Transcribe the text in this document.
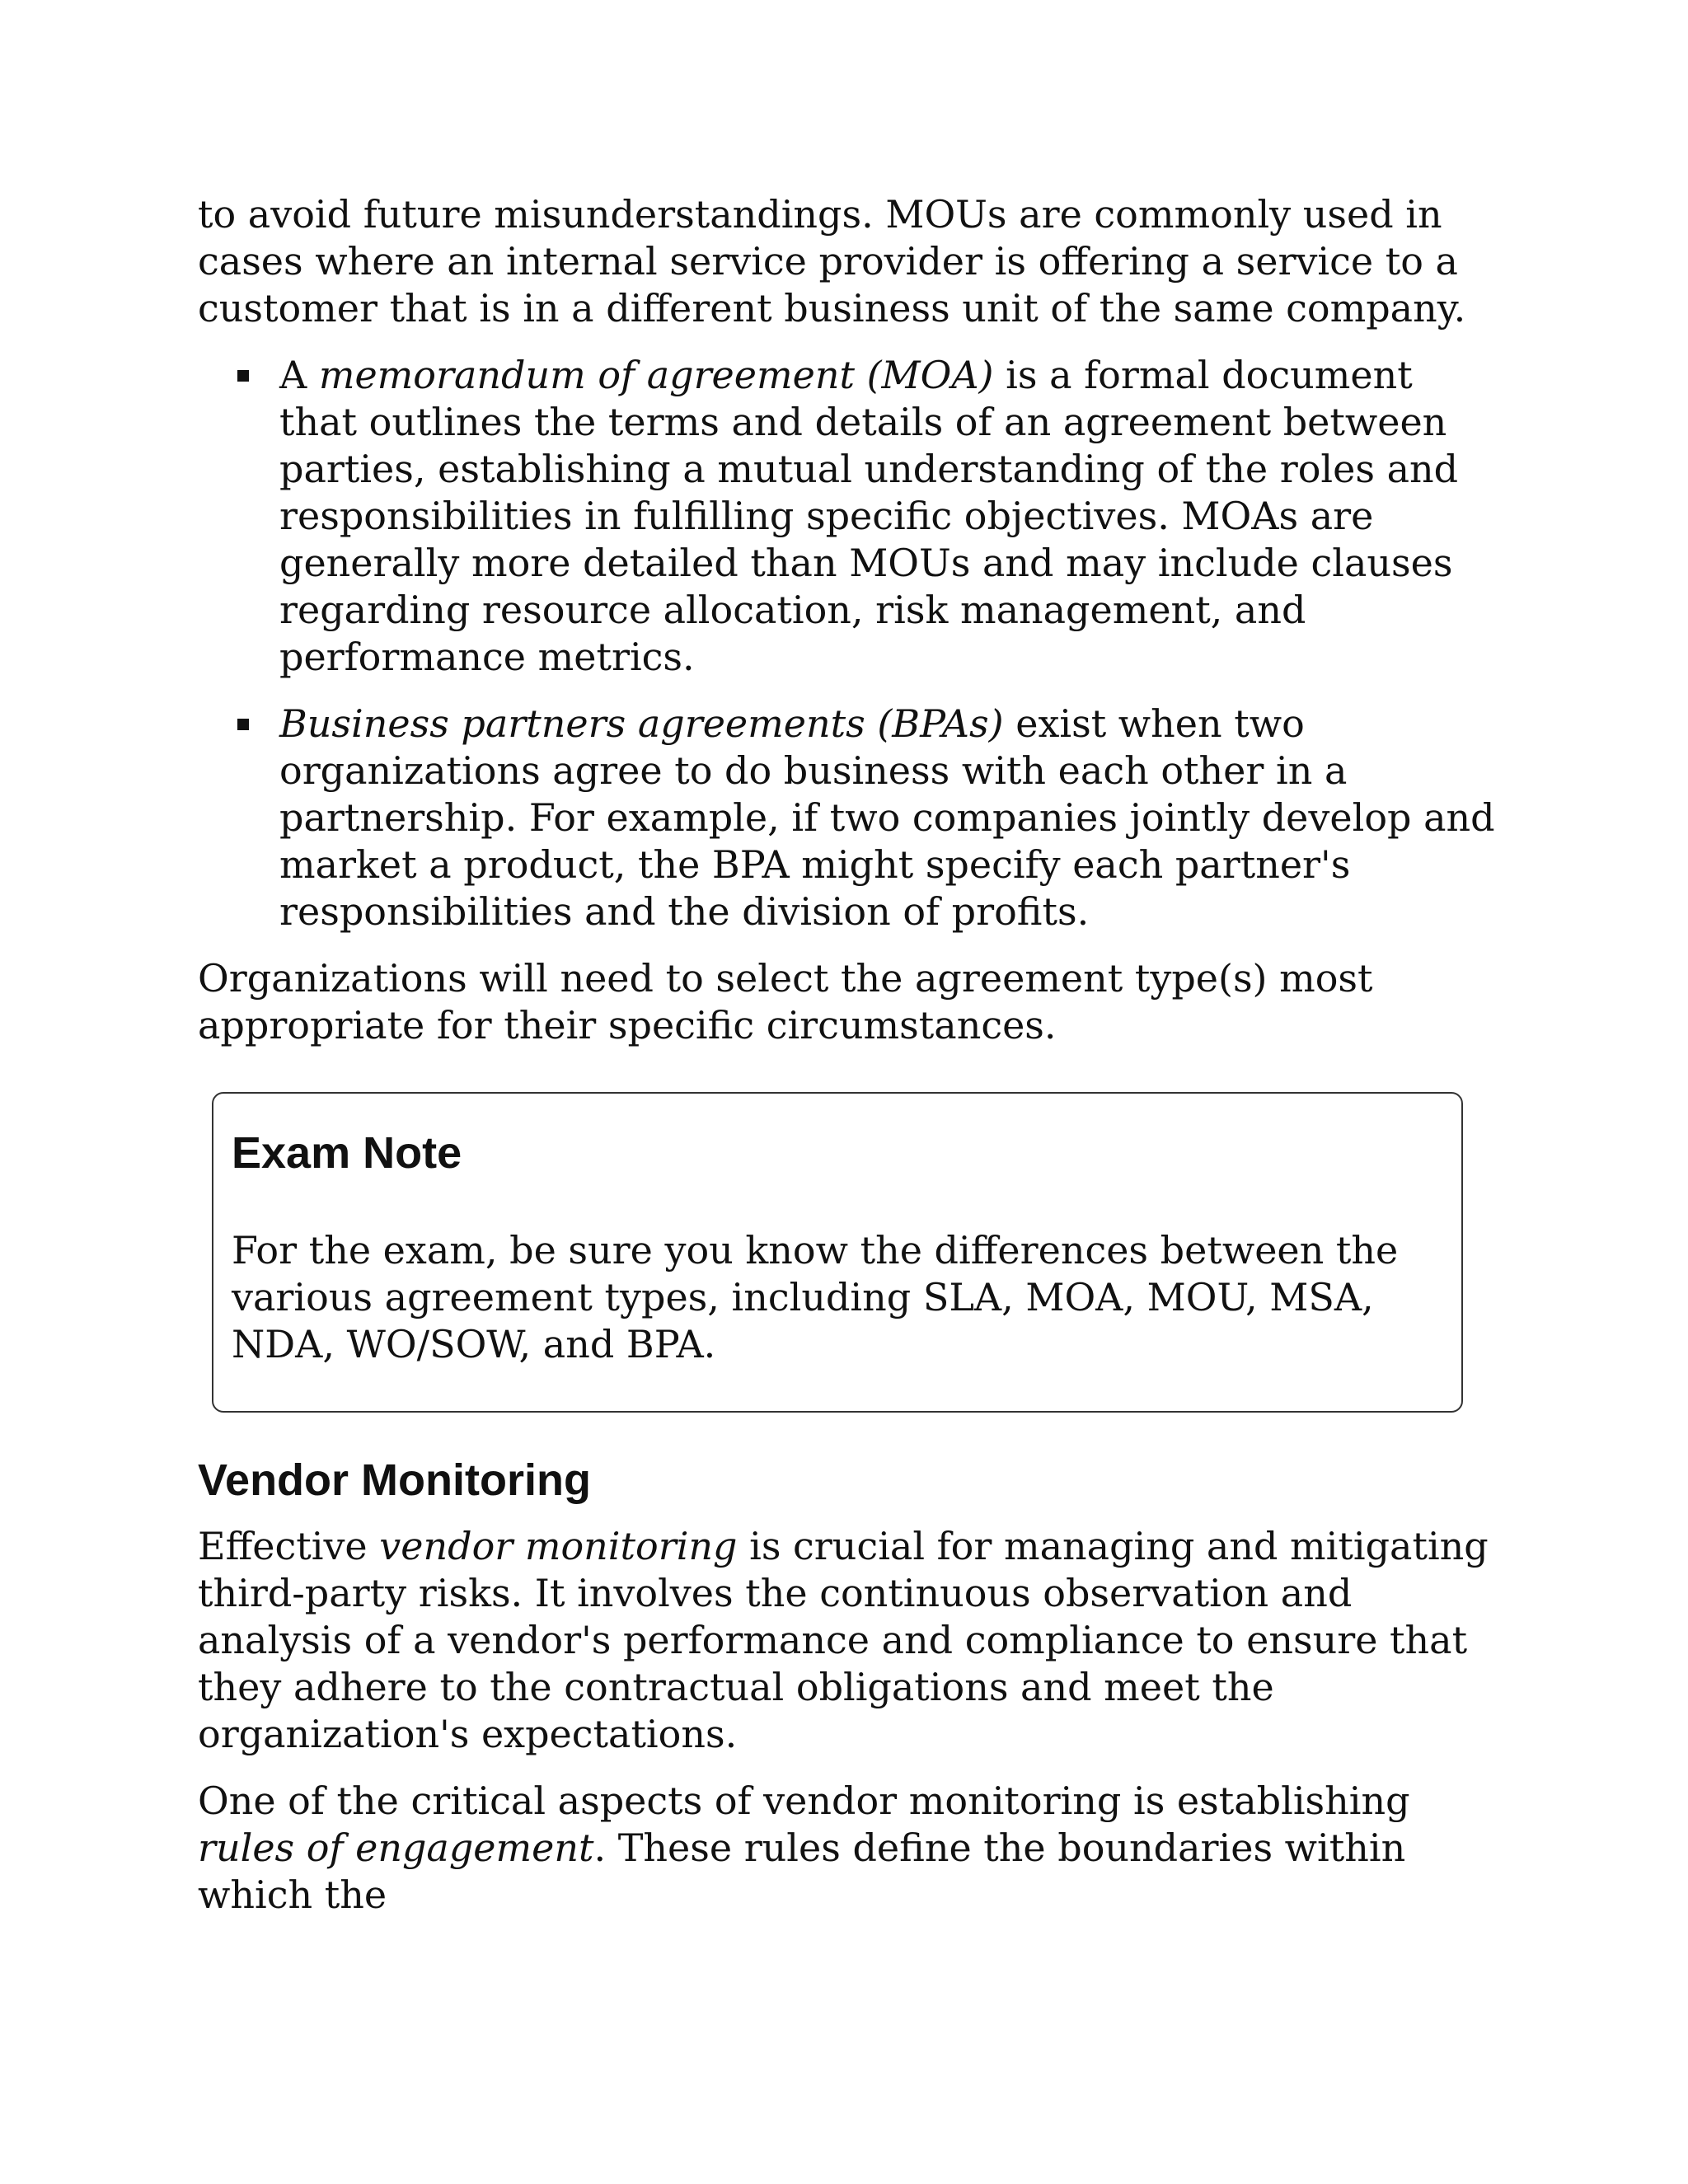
to avoid future misunderstandings. MOUs are commonly used in cases where an internal service provider is offering a service to a customer that is in a different business unit of the same company.

A memorandum of agreement (MOA) is a formal document that outlines the terms and details of an agreement between parties, establishing a mutual understanding of the roles and responsibilities in fulfilling specific objectives. MOAs are generally more detailed than MOUs and may include clauses regarding resource allocation, risk management, and performance metrics.
Business partners agreements (BPAs) exist when two organizations agree to do business with each other in a partnership. For example, if two companies jointly develop and market a product, the BPA might specify each partner's responsibilities and the division of profits.

Organizations will need to select the agreement type(s) most appropriate for their specific circumstances.

Exam Note

For the exam, be sure you know the differences between the various agreement types, including SLA, MOA, MOU, MSA, NDA, WO/SOW, and BPA.

Vendor Monitoring

Effective vendor monitoring is crucial for managing and mitigating third-party risks. It involves the continuous observation and analysis of a vendor's performance and compliance to ensure that they adhere to the contractual obligations and meet the organization's expectations.

One of the critical aspects of vendor monitoring is establishing rules of engagement. These rules define the boundaries within which the
